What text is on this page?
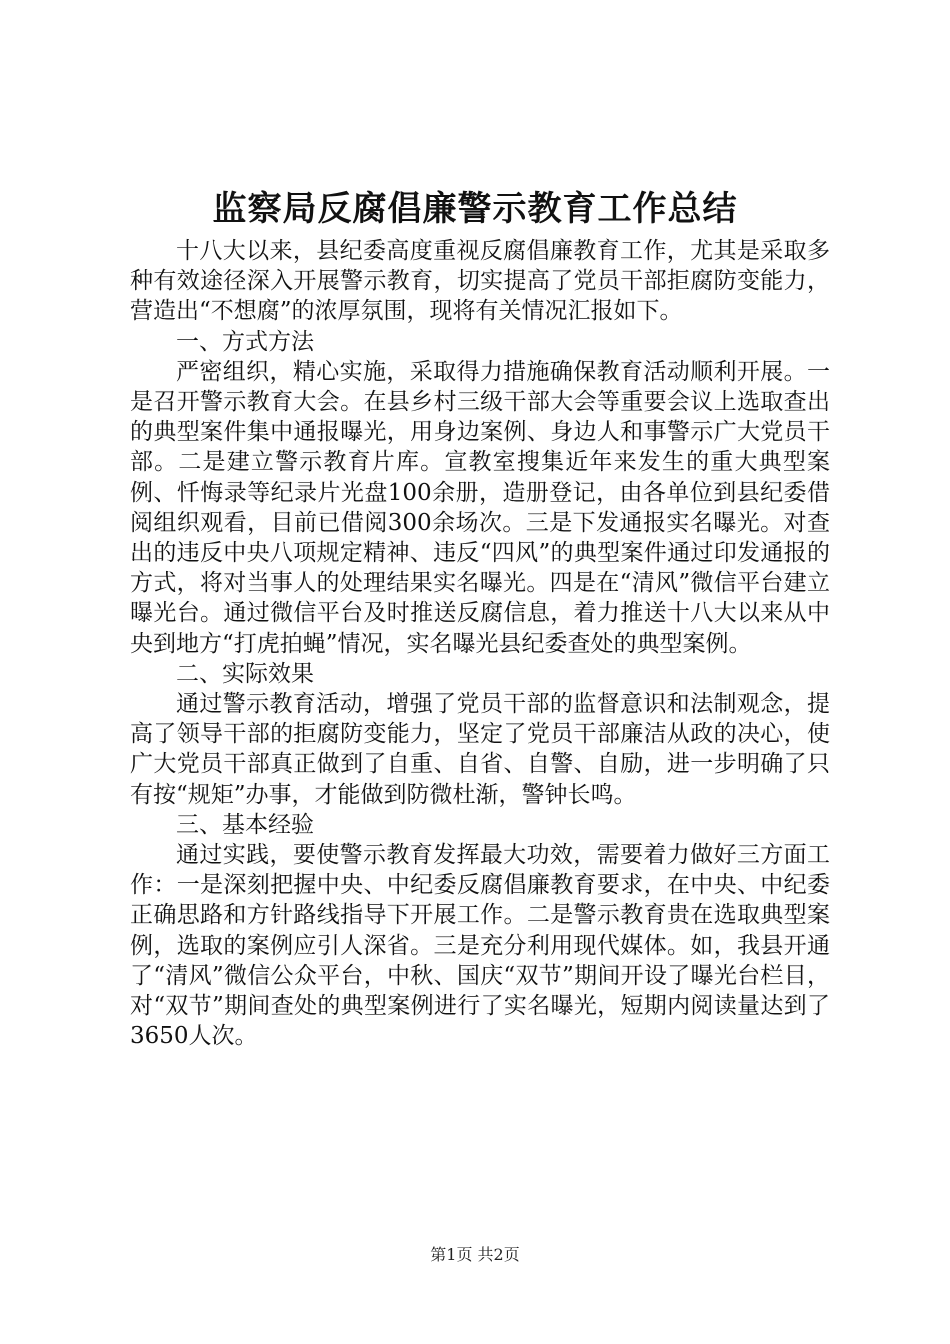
监察局反腐倡廉警示教育工作总结

十八大以来，县纪委高度重视反腐倡廉教育工作，尤其是采取多种有效途径深入开展警示教育，切实提高了党员干部拒腐防变能力，营造出“不想腐”的浓厚氛围，现将有关情况汇报如下。

一、方式方法

严密组织，精心实施，采取得力措施确保教育活动顺利开展。一是召开警示教育大会。在县乡村三级干部大会等重要会议上选取查出的典型案件集中通报曝光，用身边案例、身边人和事警示广大党员干部。二是建立警示教育片库。宣教室搜集近年来发生的重大典型案例、忏悔录等纪录片光盘100余册，造册登记，由各单位到县纪委借阅组织观看，目前已借阅300余场次。三是下发通报实名曝光。对查出的违反中央八项规定精神、违反“四风”的典型案件通过印发通报的方式，将对当事人的处理结果实名曝光。四是在“清风”微信平台建立曝光台。通过微信平台及时推送反腐信息，着力推送十八大以来从中央到地方“打虎拍蝇”情况，实名曝光县纪委查处的典型案例。

二、实际效果

通过警示教育活动，增强了党员干部的监督意识和法制观念，提高了领导干部的拒腐防变能力，坚定了党员干部廉洁从政的决心，使广大党员干部真正做到了自重、自省、自警、自励，进一步明确了只有按“规矩”办事，才能做到防微杜渐，警钟长鸣。

三、基本经验

通过实践，要使警示教育发挥最大功效，需要着力做好三方面工作：一是深刻把握中央、中纪委反腐倡廉教育要求，在中央、中纪委正确思路和方针路线指导下开展工作。二是警示教育贵在选取典型案例，选取的案例应引人深省。三是充分利用现代媒体。如，我县开通了“清风”微信公众平台，中秋、国庆“双节”期间开设了曝光台栏目，对“双节”期间查处的典型案例进行了实名曝光，短期内阅读量达到了3650人次。

第1页 共2页
